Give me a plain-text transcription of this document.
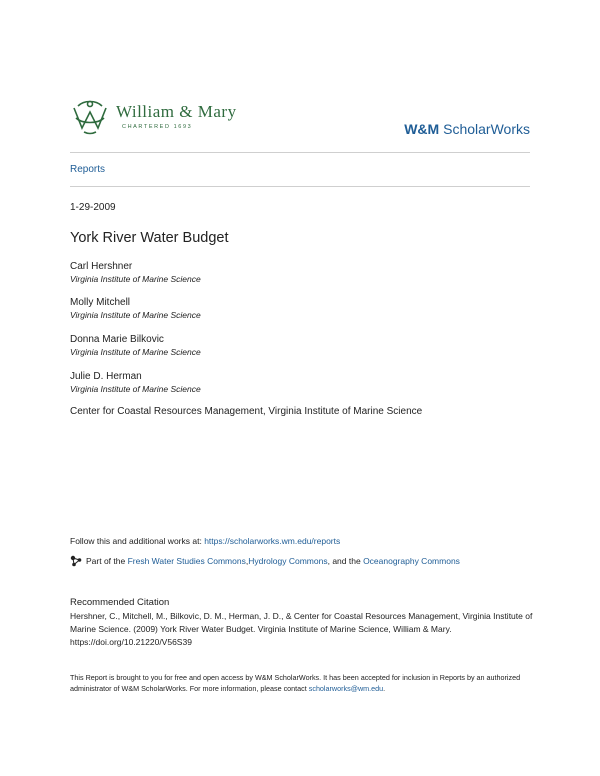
William & Mary
CHARTERED 1693	W&M ScholarWorks
Reports
1-29-2009
York River Water Budget
Carl Hershner
Virginia Institute of Marine Science
Molly Mitchell
Virginia Institute of Marine Science
Donna Marie Bilkovic
Virginia Institute of Marine Science
Julie D. Herman
Virginia Institute of Marine Science
Center for Coastal Resources Management, Virginia Institute of Marine Science
Follow this and additional works at: https://scholarworks.wm.edu/reports
Part of the
Fresh Water Studies Commons , Hydrology Commons , and the
Oceanography Commons
Recommended Citation
Hershner, C., Mitchell, M., Bilkovic, D. M., Herman, J. D., & Center for Coastal Resources Management, Virginia Institute of Marine Science. (2009) York River Water Budget. Virginia Institute of Marine Science, William & Mary. https://doi.org/10.21220/V56S39
This Report is brought to you for free and open access by W&M ScholarWorks. It has been accepted for inclusion in Reports by an authorized administrator of W&M ScholarWorks. For more information, please contact scholarworks@wm.edu.
